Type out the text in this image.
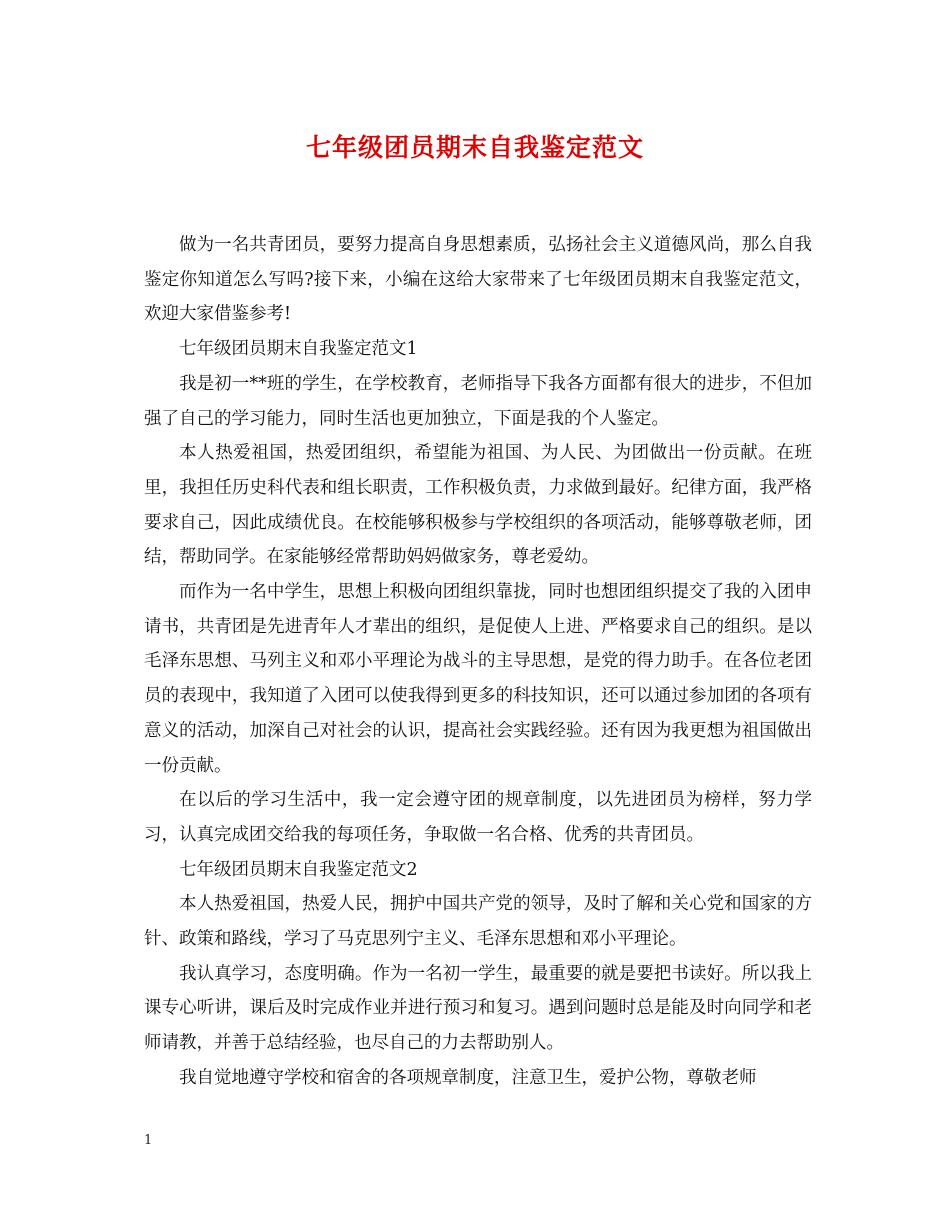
七年级团员期末自我鉴定范文

做为一名共青团员，要努力提高自身思想素质，弘扬社会主义道德风尚，那么自我鉴定你知道怎么写吗?接下来，小编在这给大家带来了七年级团员期末自我鉴定范文，欢迎大家借鉴参考!

七年级团员期末自我鉴定范文1

我是初一**班的学生，在学校教育，老师指导下我各方面都有很大的进步，不但加强了自己的学习能力，同时生活也更加独立，下面是我的个人鉴定。

本人热爱祖国，热爱团组织，希望能为祖国、为人民、为团做出一份贡献。在班里，我担任历史科代表和组长职责，工作积极负责，力求做到最好。纪律方面，我严格要求自己，因此成绩优良。在校能够积极参与学校组织的各项活动，能够尊敬老师，团结，帮助同学。在家能够经常帮助妈妈做家务，尊老爱幼。

而作为一名中学生，思想上积极向团组织靠拢，同时也想团组织提交了我的入团申请书，共青团是先进青年人才辈出的组织，是促使人上进、严格要求自己的组织。是以毛泽东思想、马列主义和邓小平理论为战斗的主导思想，是党的得力助手。在各位老团员的表现中，我知道了入团可以使我得到更多的科技知识，还可以通过参加团的各项有意义的活动，加深自己对社会的认识，提高社会实践经验。还有因为我更想为祖国做出一份贡献。

在以后的学习生活中，我一定会遵守团的规章制度，以先进团员为榜样，努力学习，认真完成团交给我的每项任务，争取做一名合格、优秀的共青团员。

七年级团员期末自我鉴定范文2

本人热爱祖国，热爱人民，拥护中国共产党的领导，及时了解和关心党和国家的方针、政策和路线，学习了马克思列宁主义、毛泽东思想和邓小平理论。

我认真学习，态度明确。作为一名初一学生，最重要的就是要把书读好。所以我上课专心听讲，课后及时完成作业并进行预习和复习。遇到问题时总是能及时向同学和老师请教，并善于总结经验，也尽自己的力去帮助别人。

我自觉地遵守学校和宿舍的各项规章制度，注意卫生，爱护公物，尊敬老师

1
